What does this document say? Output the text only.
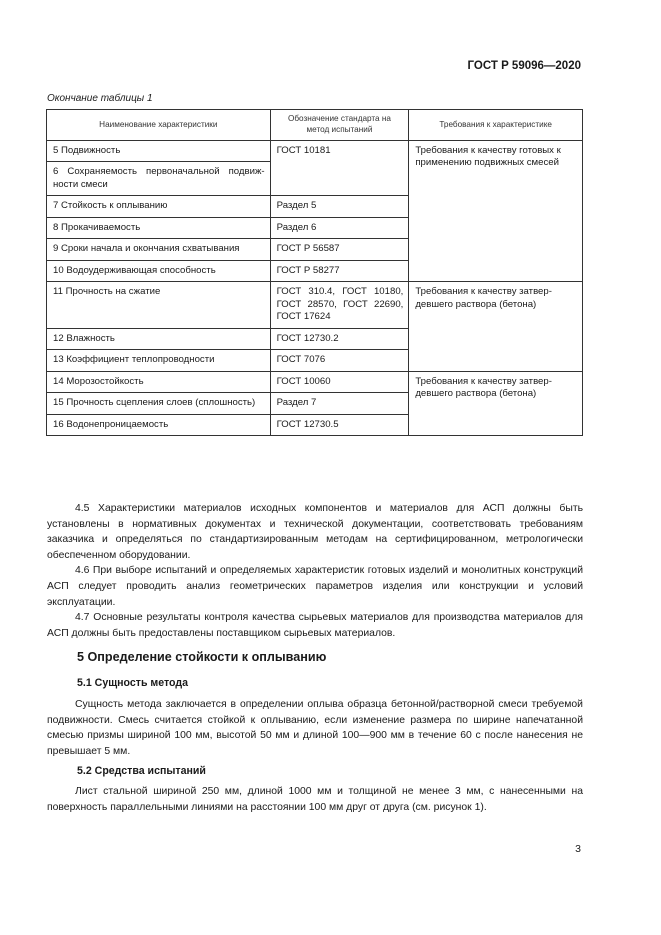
ГОСТ Р 59096—2020
Окончание таблицы 1
Наименование характеристики	Обозначение стандарта на метод испытаний	Требования к характеристике
5 Подвижность	ГОСТ 10181	Требования к качеству готовых к применению подвижных смесей
6 Сохраняемость первоначальной подвижности смеси		
7 Стойкость к оплыванию	Раздел 5	
8 Прокачиваемость	Раздел 6	
9 Сроки начала и окончания схватывания	ГОСТ Р 56587	
10 Водоудерживающая способность	ГОСТ Р 58277	
11 Прочность на сжатие	ГОСТ 310.4, ГОСТ 10180, ГОСТ 28570, ГОСТ 22690, ГОСТ 17624	Требования к качеству затвердевшего раствора (бетона)
12 Влажность	ГОСТ 12730.2	
13 Коэффициент теплопроводности	ГОСТ 7076	
14 Морозостойкость	ГОСТ 10060	Требования к качеству затвердевшего раствора (бетона)
15 Прочность сцепления слоев (сплошность)	Раздел 7	
16 Водонепроницаемость	ГОСТ 12730.5	

4.5 Характеристики материалов исходных компонентов и материалов для АСП должны быть установлены в нормативных документах и технической документации, соответствовать требованиям заказчика и определяться по стандартизированным методам на сертифицированном, метрологически обеспеченном оборудовании.

4.6 При выборе испытаний и определяемых характеристик готовых изделий и монолитных конструкций АСП следует проводить анализ геометрических параметров изделия или конструкции и условий эксплуатации.

4.7 Основные результаты контроля качества сырьевых материалов для производства материалов для АСП должны быть предоставлены поставщиком сырьевых материалов.

5 Определение стойкости к оплыванию
5.1 Сущность метода

Сущность метода заключается в определении оплыва образца бетонной/растворной смеси требуемой подвижности. Смесь считается стойкой к оплыванию, если изменение размера по ширине напечатанной смесью призмы шириной 100 мм, высотой 50 мм и длиной 100—900 мм в течение 60 с после нанесения не превышает 5 мм.

5.2 Средства испытаний

Лист стальной шириной 250 мм, длиной 1000 мм и толщиной не менее 3 мм, с нанесенными на поверхность параллельными линиями на расстоянии 100 мм друг от друга (см. рисунок 1).

3
